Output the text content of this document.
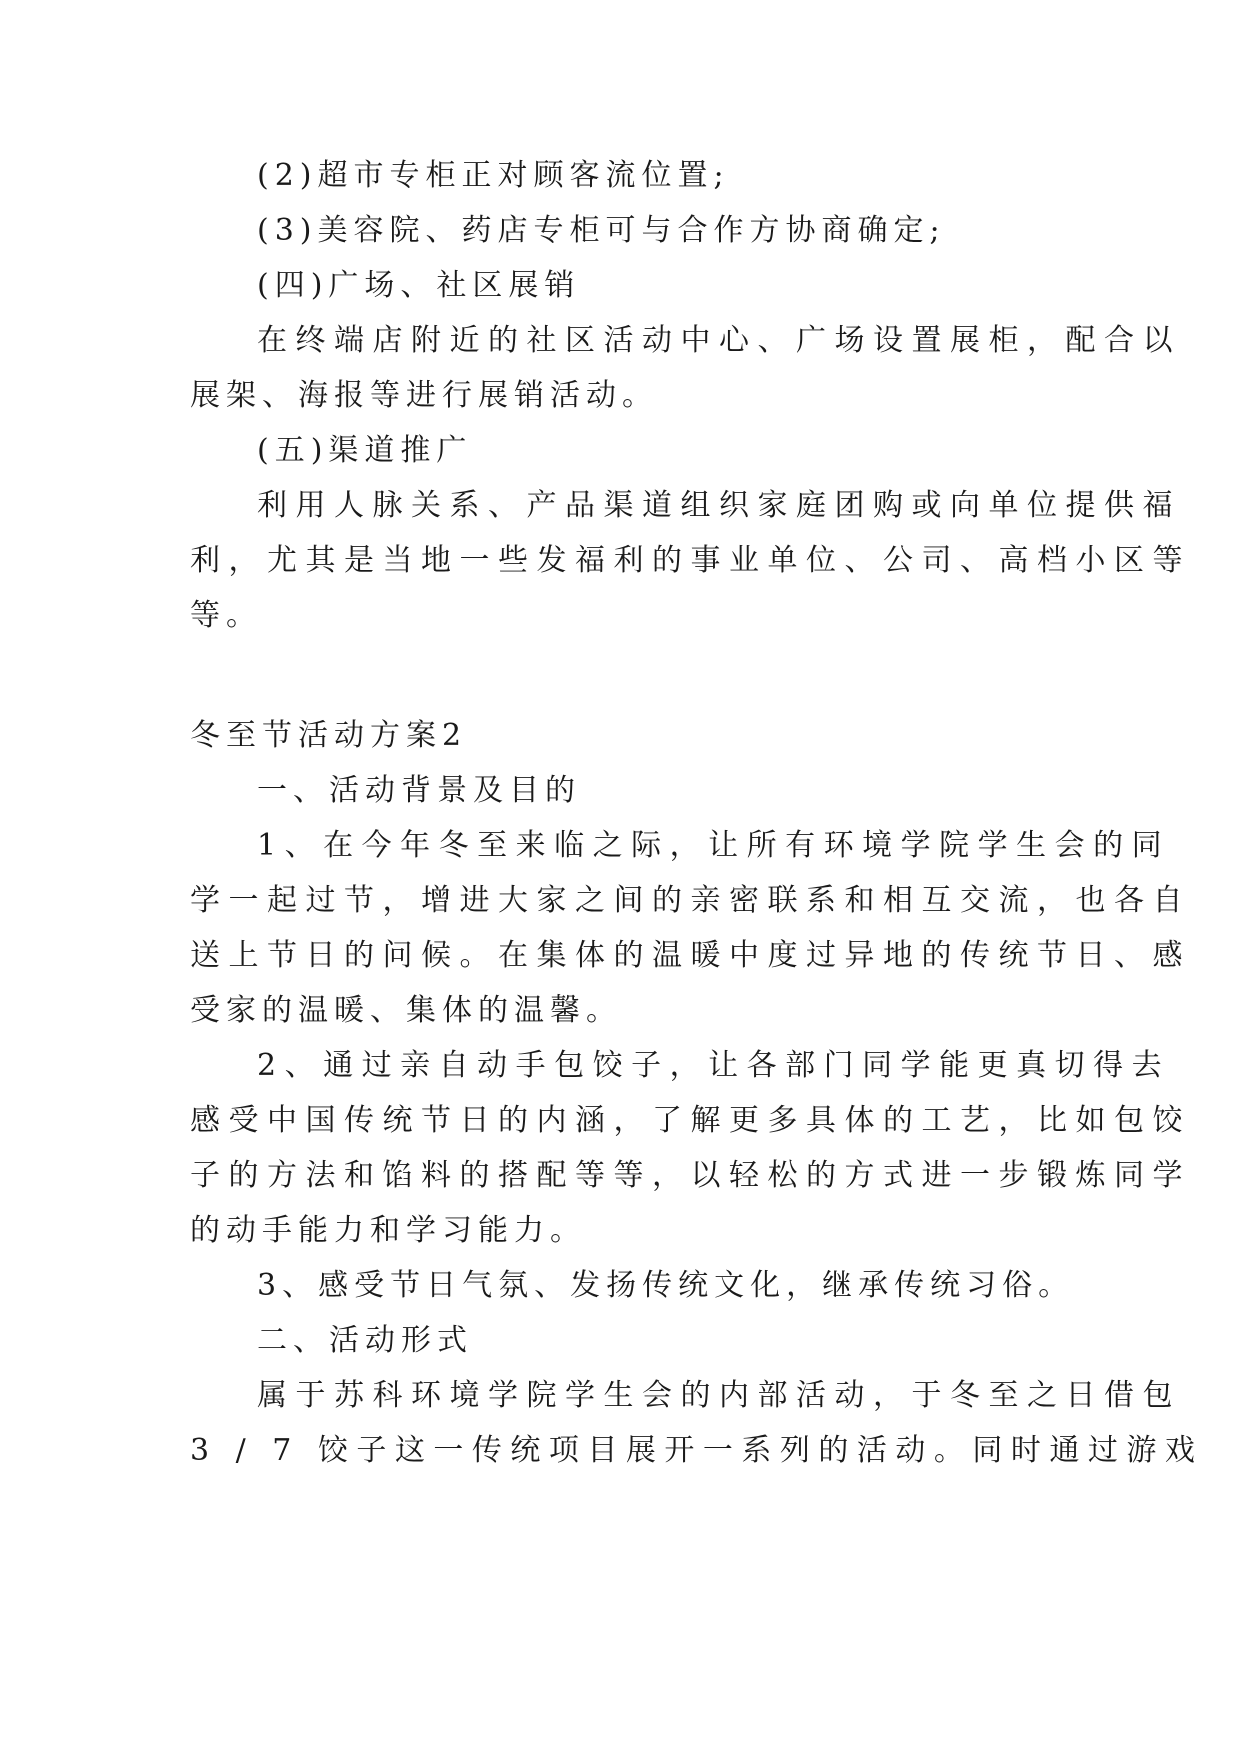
(2)超市专柜正对顾客流位置;
(3)美容院、药店专柜可与合作方协商确定;
(四)广场、社区展销
在终端店附近的社区活动中心、广场设置展柜，配合以
展架、海报等进行展销活动。
(五)渠道推广
利用人脉关系、产品渠道组织家庭团购或向单位提供福
利，尤其是当地一些发福利的事业单位、公司、高档小区等
等。
冬至节活动方案2
一、活动背景及目的
1、在今年冬至来临之际，让所有环境学院学生会的同
学一起过节，增进大家之间的亲密联系和相互交流，也各自
送上节日的问候。在集体的温暖中度过异地的传统节日、感
受家的温暖、集体的温馨。
2、通过亲自动手包饺子，让各部门同学能更真切得去
感受中国传统节日的内涵，了解更多具体的工艺，比如包饺
子的方法和馅料的搭配等等，以轻松的方式进一步锻炼同学
的动手能力和学习能力。
3、感受节日气氛、发扬传统文化，继承传统习俗。
二、活动形式
属于苏科环境学院学生会的内部活动，于冬至之日借包
3 / 7 饺子这一传统项目展开一系列的活动。同时通过游戏
